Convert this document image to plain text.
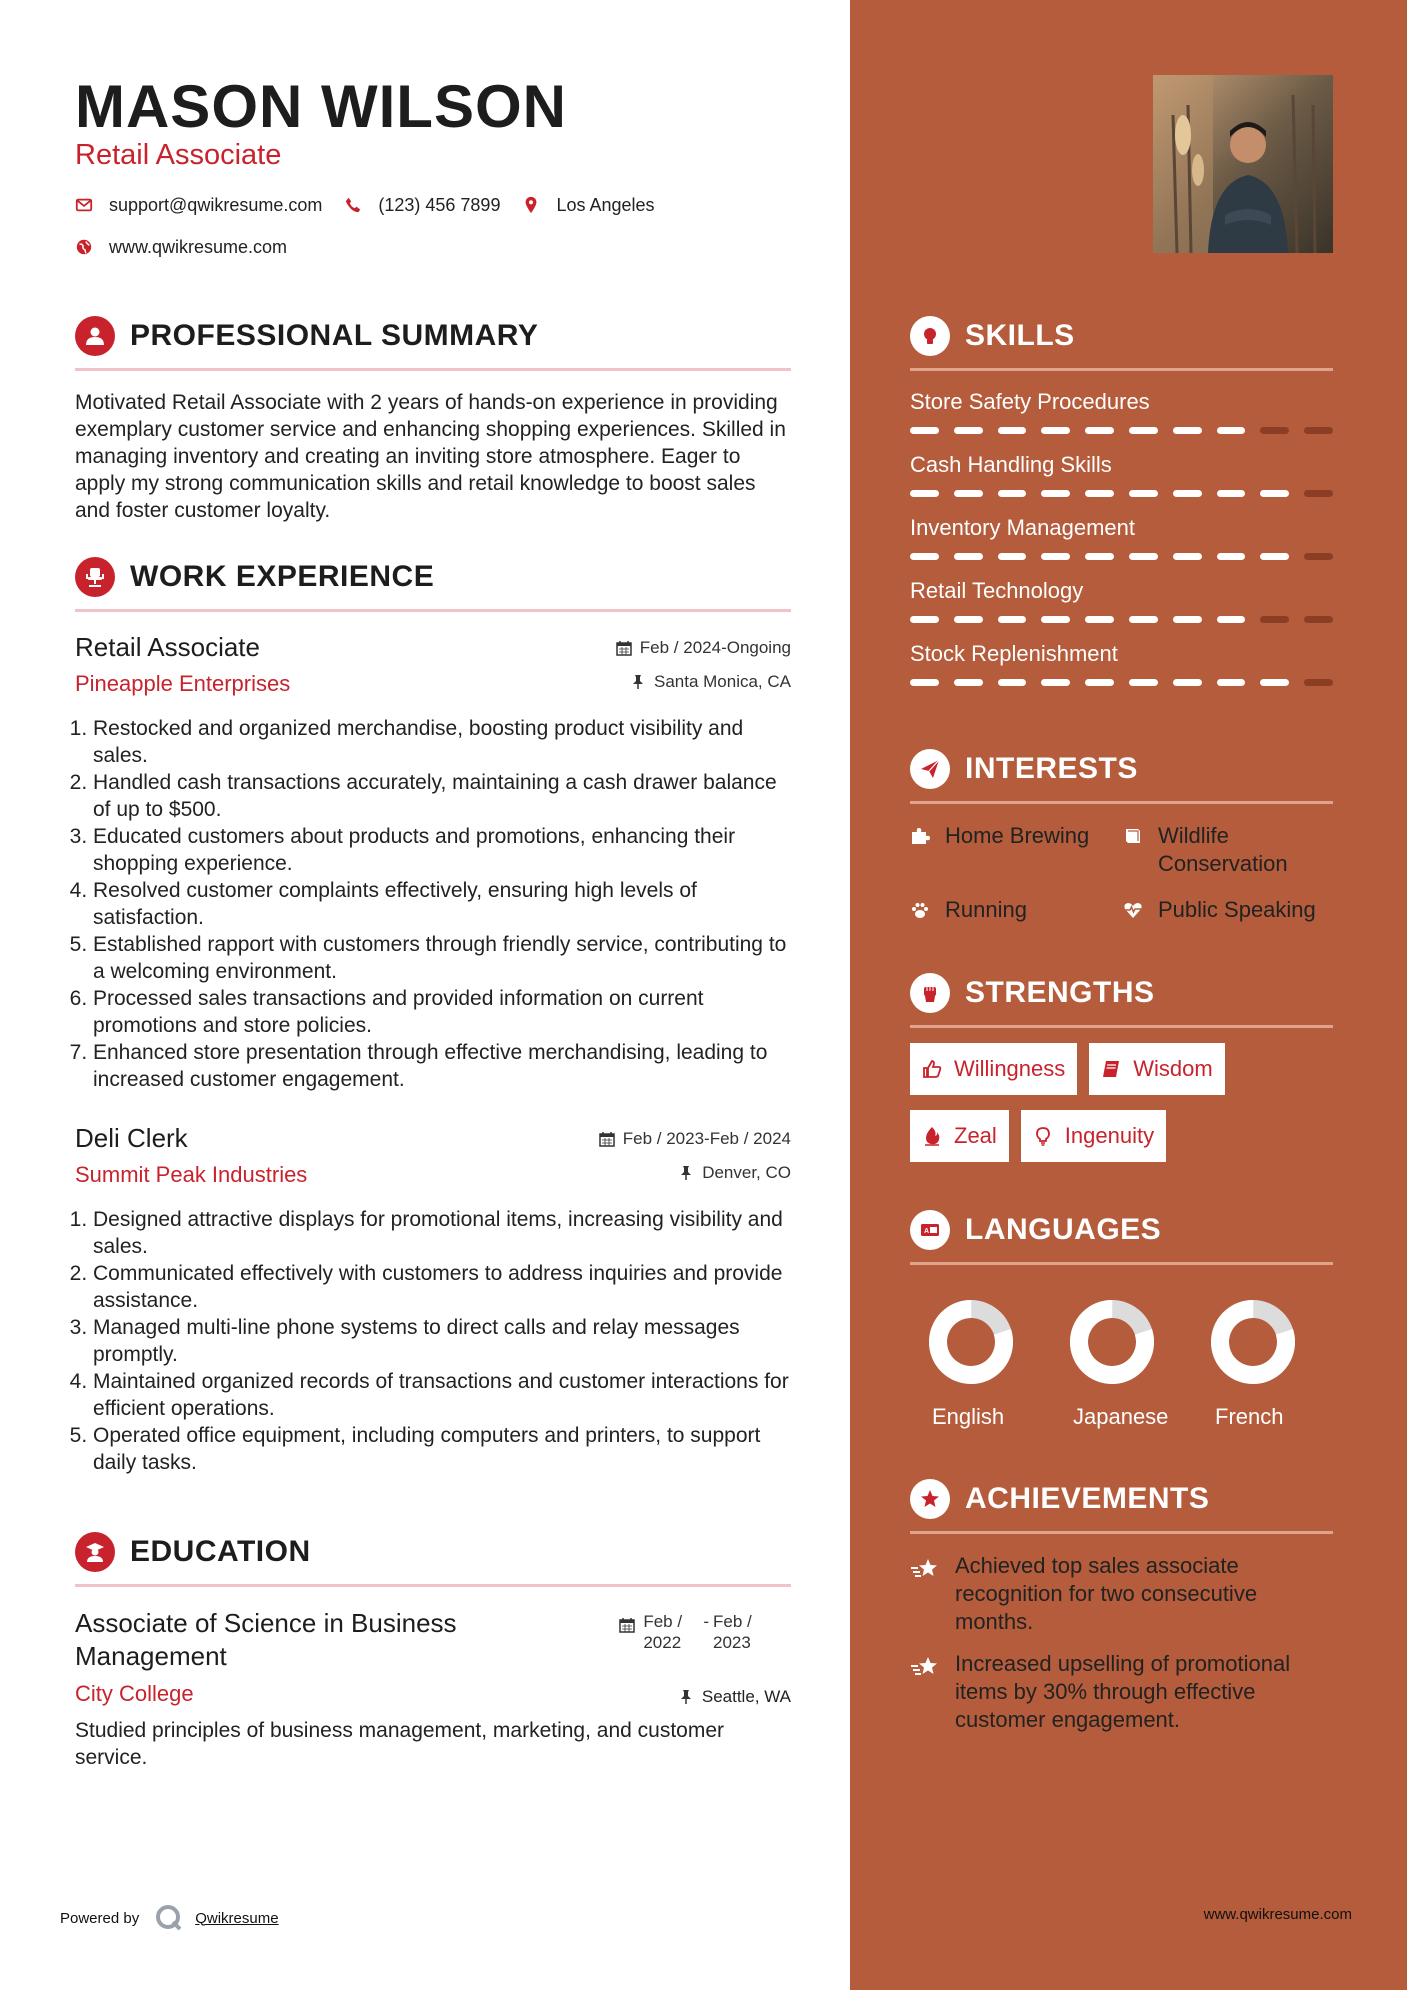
MASON WILSON
Retail Associate
support@qwikresume.com	(123) 456 7899	Los Angeles
www.qwikresume.com
PROFESSIONAL SUMMARY
Motivated Retail Associate with 2 years of hands-on experience in providing exemplary customer service and enhancing shopping experiences. Skilled in managing inventory and creating an inviting store atmosphere. Eager to apply my strong communication skills and retail knowledge to boost sales and foster customer loyalty.
WORK EXPERIENCE
Retail Associate
Pineapple Enterprises
Feb / 2024-Ongoing
Santa Monica, CA
1. Restocked and organized merchandise, boosting product visibility and sales.
2. Handled cash transactions accurately, maintaining a cash drawer balance of up to $500.
3. Educated customers about products and promotions, enhancing their shopping experience.
4. Resolved customer complaints effectively, ensuring high levels of satisfaction.
5. Established rapport with customers through friendly service, contributing to a welcoming environment.
6. Processed sales transactions and provided information on current promotions and store policies.
7. Enhanced store presentation through effective merchandising, leading to increased customer engagement.
Deli Clerk
Summit Peak Industries
Feb / 2023-Feb / 2024
Denver, CO
1. Designed attractive displays for promotional items, increasing visibility and sales.
2. Communicated effectively with customers to address inquiries and provide assistance.
3. Managed multi-line phone systems to direct calls and relay messages promptly.
4. Maintained organized records of transactions and customer interactions for efficient operations.
5. Operated office equipment, including computers and printers, to support daily tasks.
EDUCATION
Associate of Science in Business Management
City College
Feb / 2022
- Feb / 2023
Seattle, WA
Studied principles of business management, marketing, and customer service.
Powered by	Qwikresume
SKILLS
Store Safety Procedures
Cash Handling Skills
Inventory Management
Retail Technology
Stock Replenishment
INTERESTS
Home Brewing	Wildlife Conservation
Running	Public Speaking
STRENGTHS
Willingness	Wisdom
Zeal	Ingenuity
A LANGUAGES
English	Japanese	French
ACHIEVEMENTS
Achieved top sales associate recognition for two consecutive months.
Increased upselling of promotional items by 30% through effective customer engagement.
www.qwikresume.com
